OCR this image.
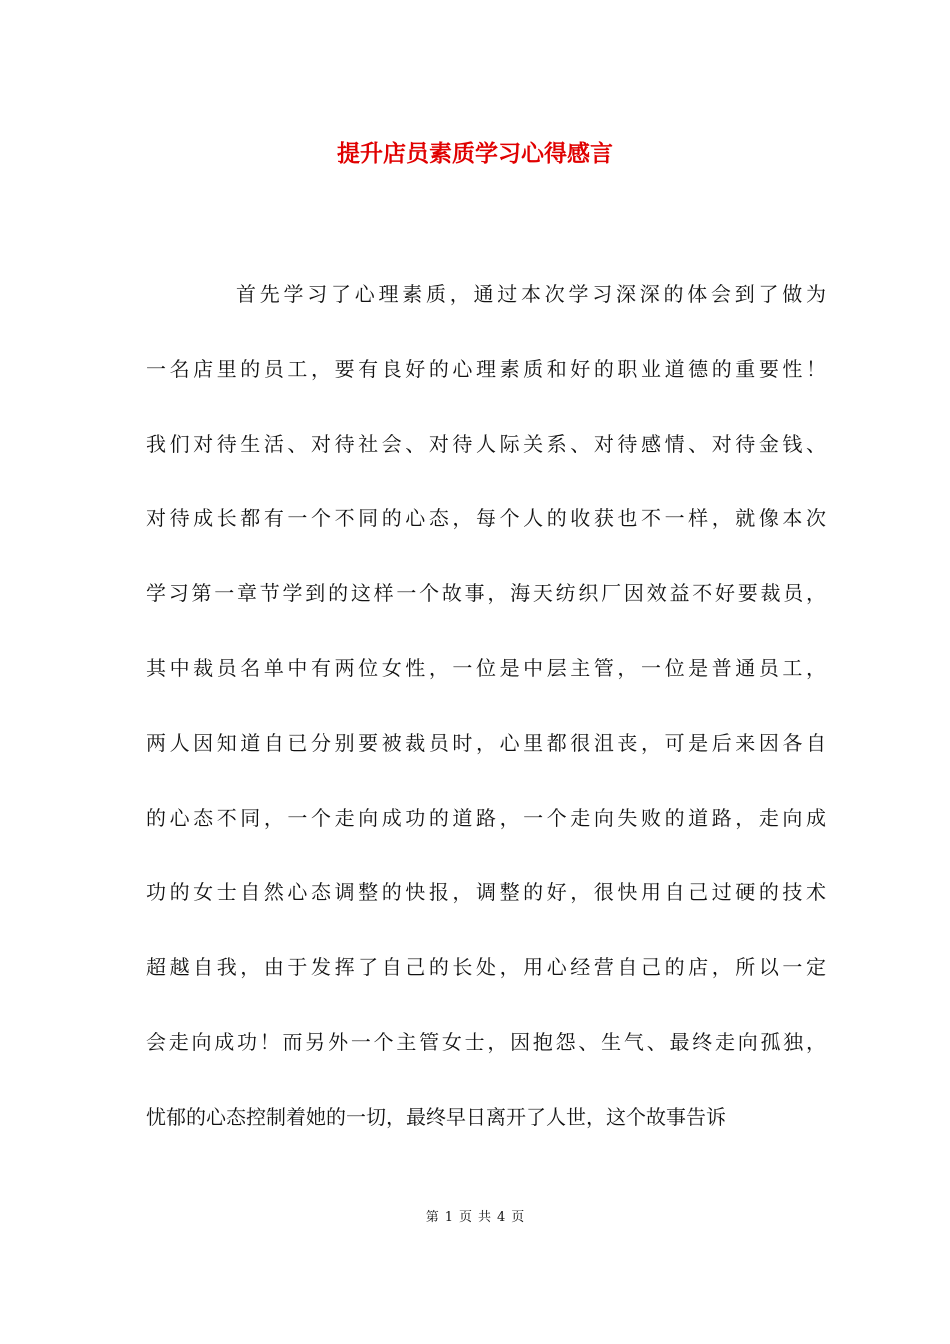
提升店员素质学习心得感言
首先学习了心理素质，通过本次学习深深的体会到了做为
一名店里的员工，要有良好的心理素质和好的职业道德的重要性！
我们对待生活、对待社会、对待人际关系、对待感情、对待金钱、
对待成长都有一个不同的心态，每个人的收获也不一样，就像本次
学习第一章节学到的这样一个故事，海天纺织厂因效益不好要裁员，
其中裁员名单中有两位女性，一位是中层主管，一位是普通员工，
两人因知道自已分别要被裁员时，心里都很沮丧，可是后来因各自
的心态不同，一个走向成功的道路，一个走向失败的道路，走向成
功的女士自然心态调整的快报，调整的好，很快用自己过硬的技术
超越自我，由于发挥了自己的长处，用心经营自己的店，所以一定
会走向成功！而另外一个主管女士，因抱怨、生气、最终走向孤独，
忧郁的心态控制着她的一切，最终早日离开了人世，这个故事告诉
第 1 页 共 4 页
